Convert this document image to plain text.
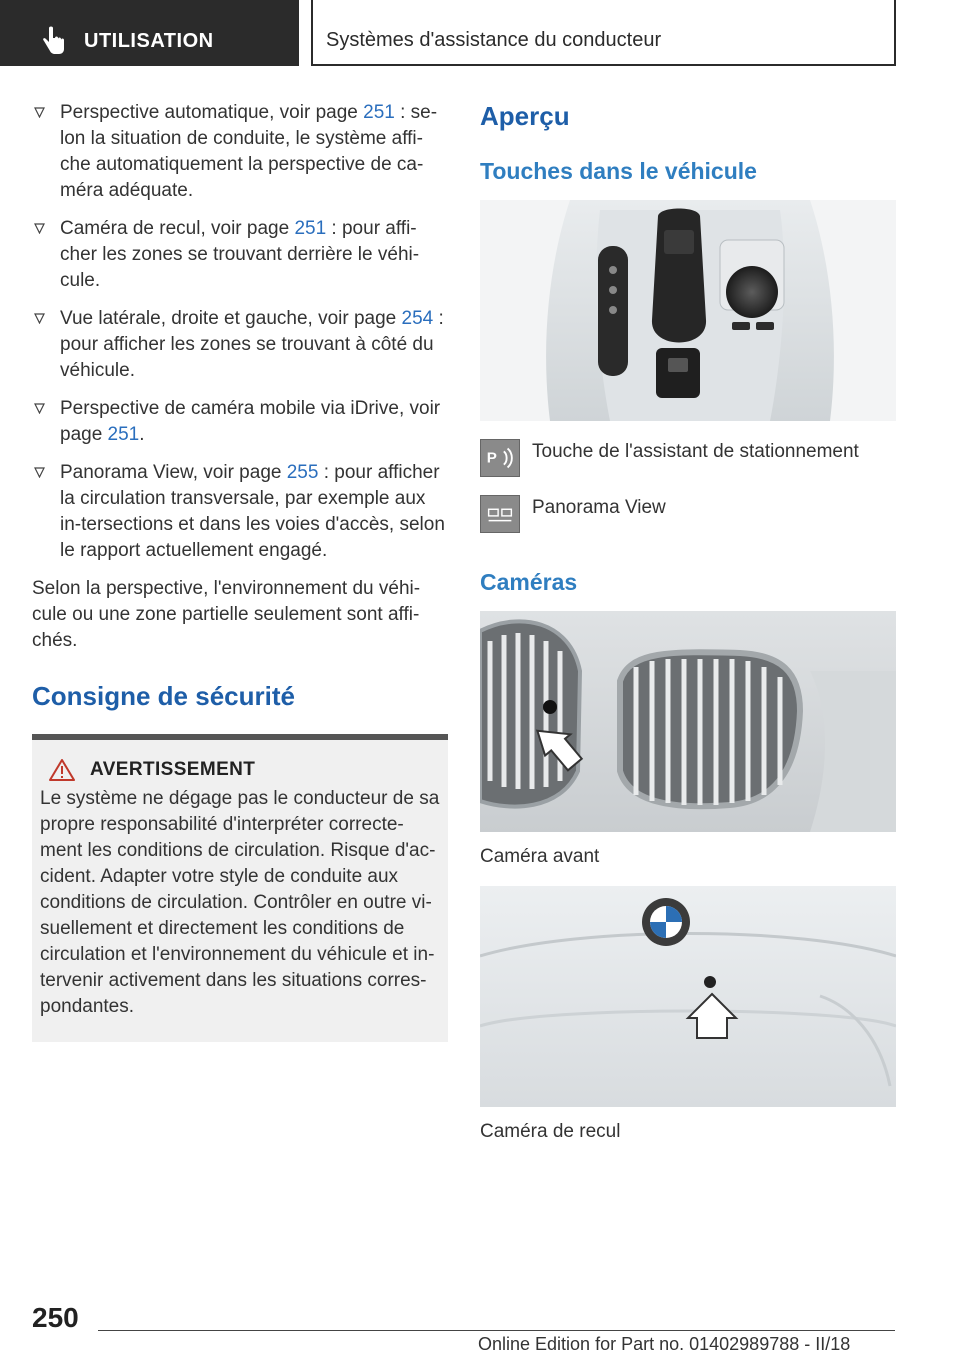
UTILISATION	Systèmes d'assistance du conducteur
Perspective automatique, voir page 251 : se-lon la situation de conduite, le système affi-che automatiquement la perspective de ca-méra adéquate.
Caméra de recul, voir page 251 : pour affi-cher les zones se trouvant derrière le véhi-cule.
Vue latérale, droite et gauche, voir page 254 : pour afficher les zones se trouvant à côté du véhicule.
Perspective de caméra mobile via iDrive, voir page 251.
Panorama View, voir page 255 : pour afficher la circulation transversale, par exemple aux in-tersections et dans les voies d'accès, selon le rapport actuellement engagé.

Selon la perspective, l'environnement du véhi-cule ou une zone partielle seulement sont affi-chés.

Consigne de sécurité
AVERTISSEMENT

Le système ne dégage pas le conducteur de sa propre responsabilité d'interpréter correcte-ment les conditions de circulation. Risque d'ac-cident. Adapter votre style de conduite aux conditions de circulation. Contrôler en outre vi-suellement et directement les conditions de circulation et l'environnement du véhicule et in-tervenir activement dans les situations corres-pondantes.

Aperçu
Touches dans le véhicule
P Touche de l'assistant de stationnement
Panorama View
Caméras

Caméra avant

Caméra de recul

250
Online Edition for Part no. 01402989788 - II/18
